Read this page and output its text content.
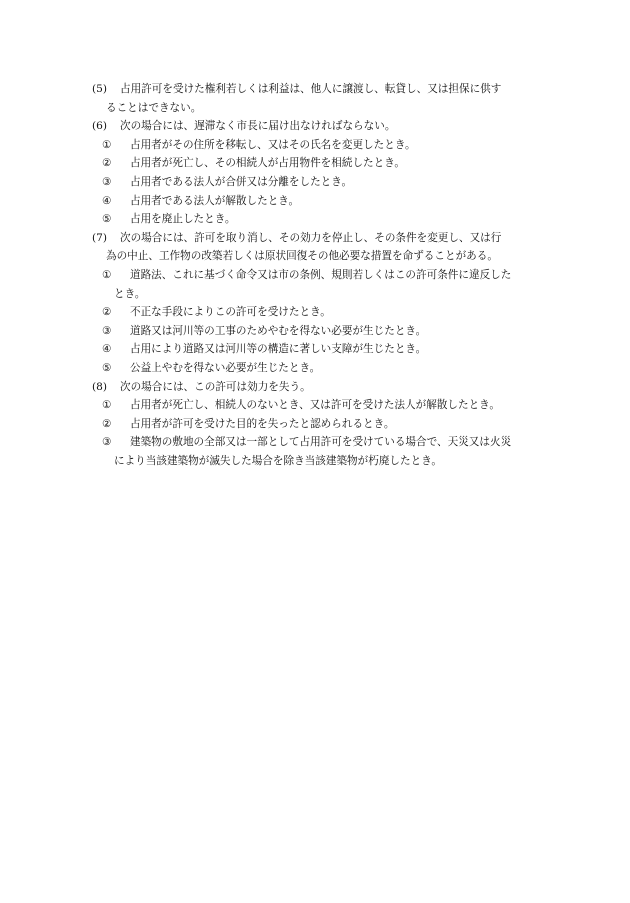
(5) 占用許可を受けた権利若しくは利益は、他人に譲渡し、転貸し、又は担保に供す
ることはできない。
(6) 次の場合には、遅滞なく市長に届け出なければならない。
① 占用者がその住所を移転し、又はその氏名を変更したとき。
② 占用者が死亡し、その相続人が占用物件を相続したとき。
③ 占用者である法人が合併又は分離をしたとき。
④ 占用者である法人が解散したとき。
⑤ 占用を廃止したとき。
(7) 次の場合には、許可を取り消し、その効力を停止し、その条件を変更し、又は行
為の中止、工作物の改築若しくは原状回復その他必要な措置を命ずることがある。
① 道路法、これに基づく命令又は市の条例、規則若しくはこの許可条件に違反した
とき。
② 不正な手段によりこの許可を受けたとき。
③ 道路又は河川等の工事のためやむを得ない必要が生じたとき。
④ 占用により道路又は河川等の構造に著しい支障が生じたとき。
⑤ 公益上やむを得ない必要が生じたとき。
(8) 次の場合には、この許可は効力を失う。
① 占用者が死亡し、相続人のないとき、又は許可を受けた法人が解散したとき。
② 占用者が許可を受けた目的を失ったと認められるとき。
③ 建築物の敷地の全部又は一部として占用許可を受けている場合で、天災又は火災
により当該建築物が滅失した場合を除き当該建築物が朽廃したとき。
